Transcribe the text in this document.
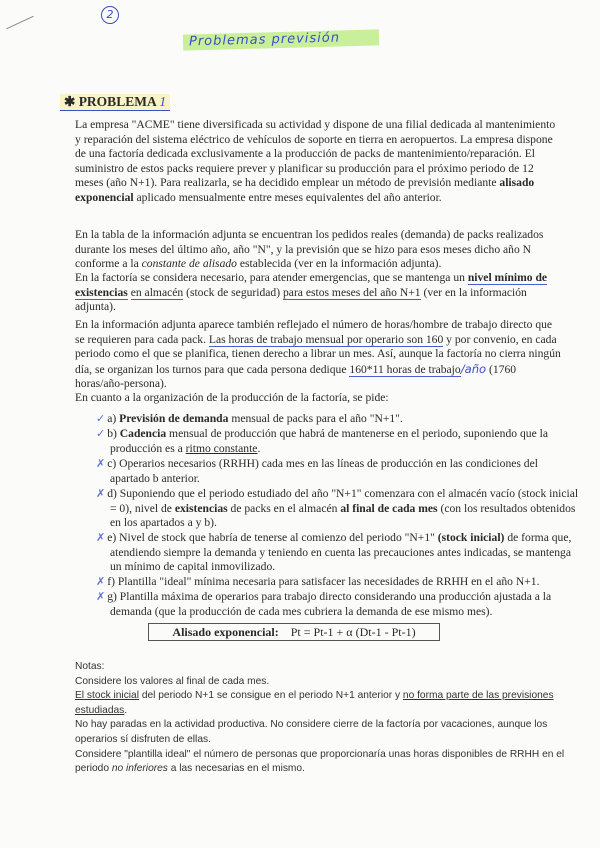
2
Problemas previsión
✱ PROBLEMA 1
La empresa "ACME" tiene diversificada su actividad y dispone de una filial dedicada al mantenimiento y reparación del sistema eléctrico de vehículos de soporte en tierra en aeropuertos. La empresa dispone de una factoría dedicada exclusivamente a la producción de packs de mantenimiento/reparación. El suministro de estos packs requiere prever y planificar su producción para el próximo periodo de 12 meses (año N+1). Para realizarla, se ha decidido emplear un método de previsión mediante alisado exponencial aplicado mensualmente entre meses equivalentes del año anterior.
En la tabla de la información adjunta se encuentran los pedidos reales (demanda) de packs realizados durante los meses del último año, año "N", y la previsión que se hizo para esos meses dicho año N conforme a la constante de alisado establecida (ver en la información adjunta).
En la factoría se considera necesario, para atender emergencias, que se mantenga un nivel mínimo de existencias en almacén (stock de seguridad) para estos meses del año N+1 (ver en la información adjunta).
En la información adjunta aparece también reflejado el número de horas/hombre de trabajo directo que se requieren para cada pack. Las horas de trabajo mensual por operario son 160 y por convenio, en cada periodo como el que se planifica, tienen derecho a librar un mes. Así, aunque la factoría no cierra ningún día, se organizan los turnos para que cada persona dedique 160*11 horas de trabajo/año (1760 horas/año-persona).
En cuanto a la organización de la producción de la factoría, se pide:
✓ a) Previsión de demanda mensual de packs para el año "N+1".
✓ b) Cadencia mensual de producción que habrá de mantenerse en el periodo, suponiendo que la producción es a ritmo constante.
✗ c) Operarios necesarios (RRHH) cada mes en las líneas de producción en las condiciones del apartado b anterior.
✗ d) Suponiendo que el periodo estudiado del año "N+1" comenzara con el almacén vacío (stock inicial = 0), nivel de existencias de packs en el almacén al final de cada mes (con los resultados obtenidos en los apartados a y b).
✗ e) Nivel de stock que habría de tenerse al comienzo del periodo "N+1" (stock inicial) de forma que, atendiendo siempre la demanda y teniendo en cuenta las precauciones antes indicadas, se mantenga un mínimo de capital inmovilizado.
✗ f) Plantilla "ideal" mínima necesaria para satisfacer las necesidades de RRHH en el año N+1.
✗ g) Plantilla máxima de operarios para trabajo directo considerando una producción ajustada a la demanda (que la producción de cada mes cubriera la demanda de ese mismo mes).
Alisado exponencial: Pt = Pt-1 + α (Dt-1 - Pt-1)
Notas:
Considere los valores al final de cada mes.
El stock inicial del periodo N+1 se consigue en el periodo N+1 anterior y no forma parte de las previsiones estudiadas.
No hay paradas en la actividad productiva. No considere cierre de la factoría por vacaciones, aunque los operarios sí disfruten de ellas.
Considere "plantilla ideal" el número de personas que proporcionaría unas horas disponibles de RRHH en el periodo no inferiores a las necesarias en el mismo.
